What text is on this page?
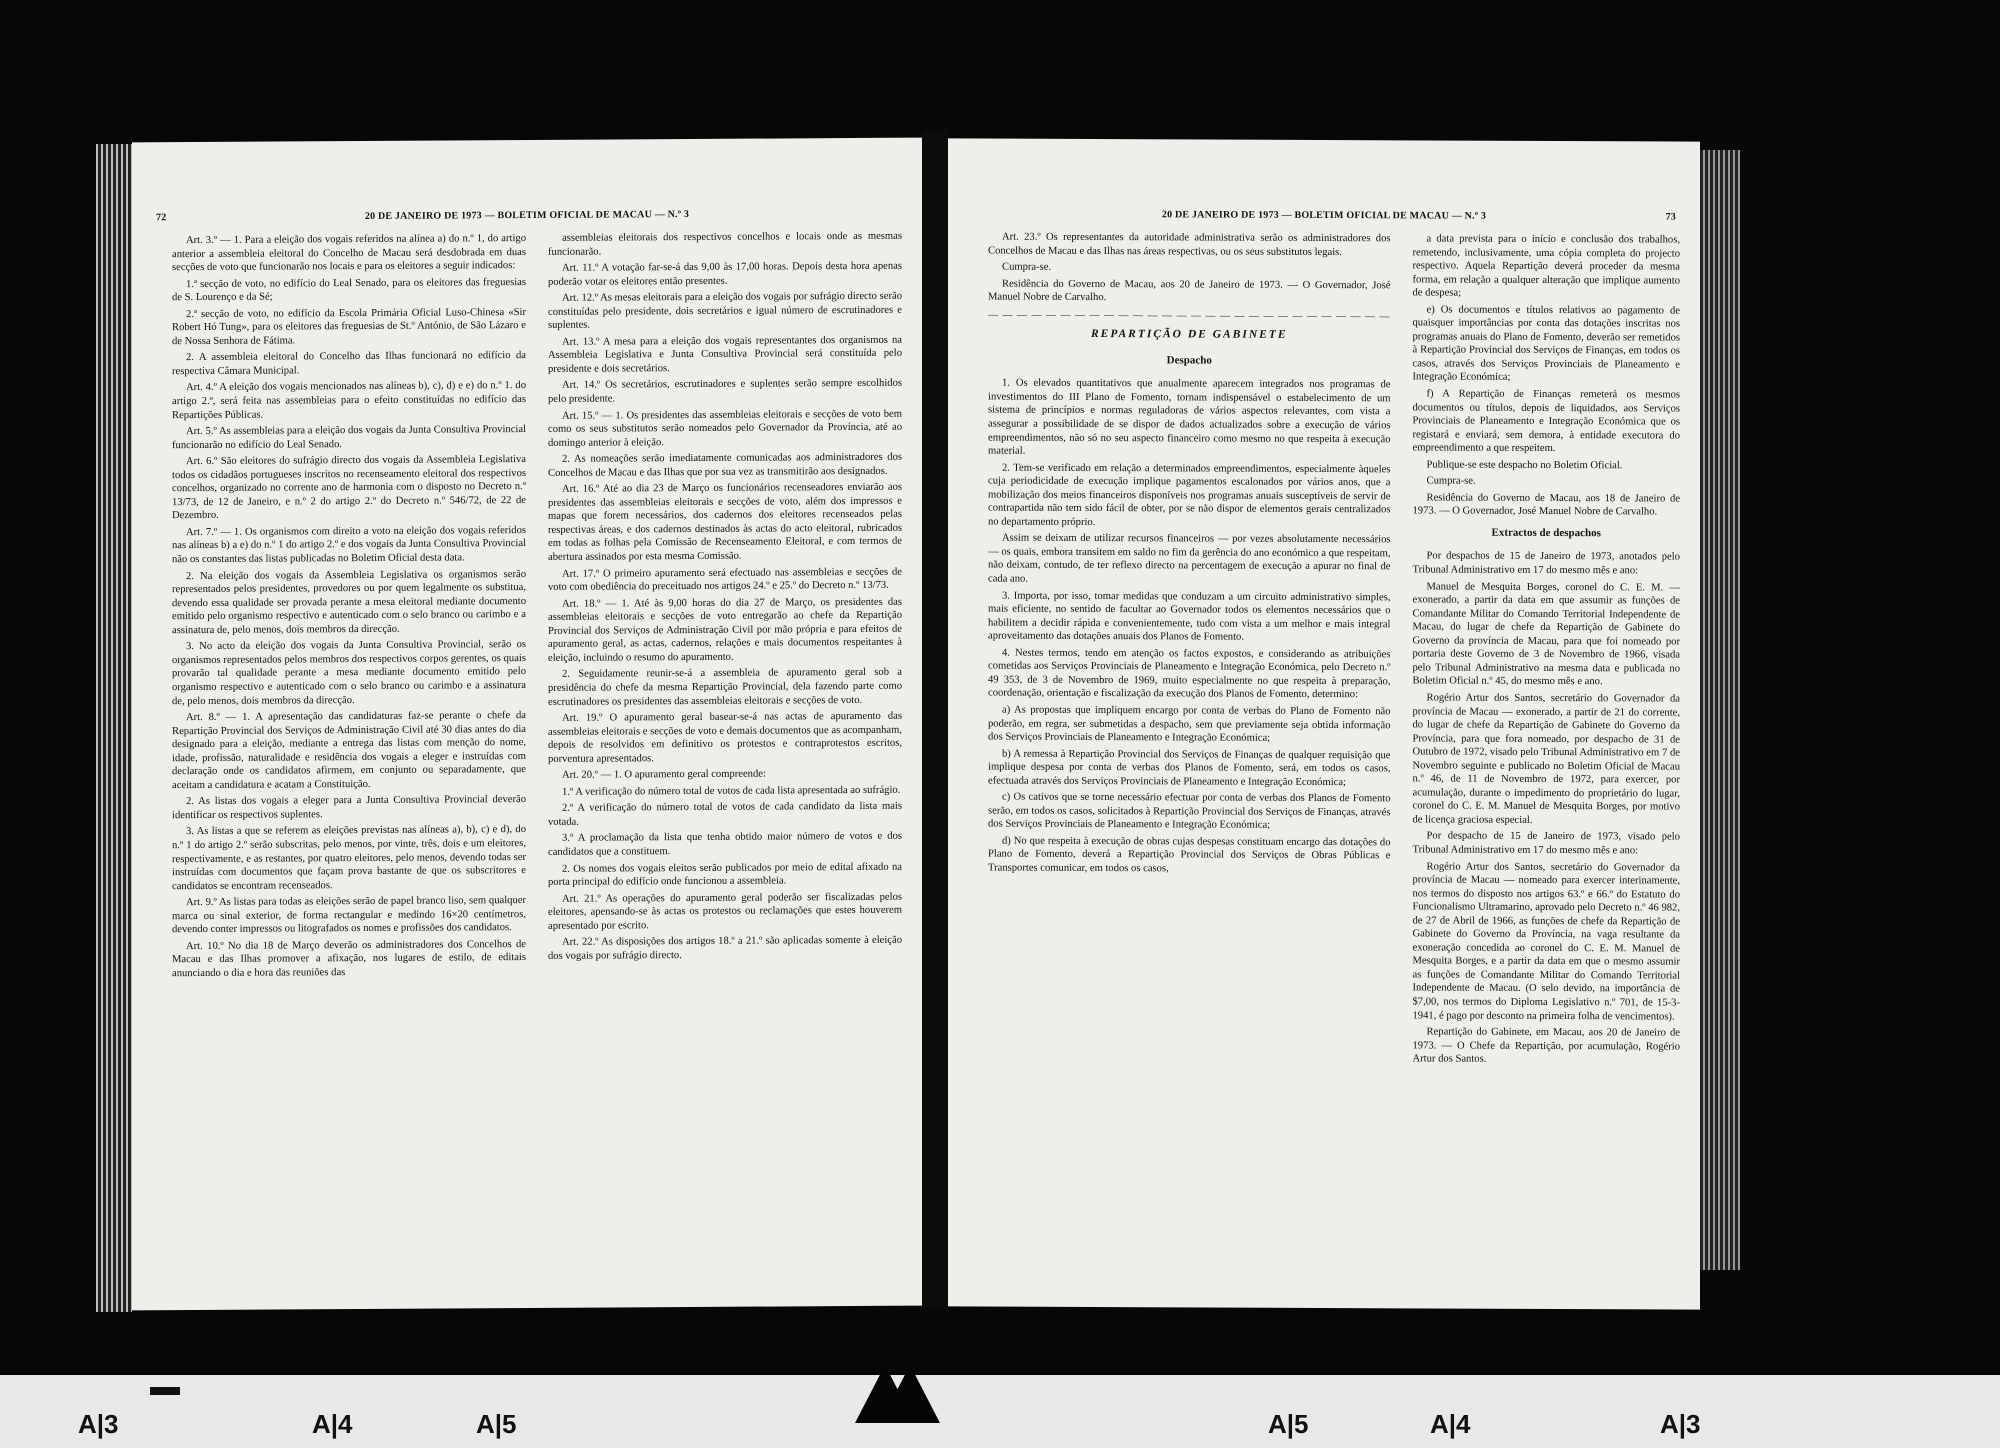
72	20 DE JANEIRO DE 1973 — BOLETIM OFICIAL DE MACAU — N.º 3

Art. 3.º — 1. Para a eleição dos vogais referidos na alínea a) do n.º 1, do artigo anterior a assembleia eleitoral do Concelho de Macau será desdobrada em duas secções de voto que funcionarão nos locais e para os eleitores a seguir indicados:

1.ª secção de voto, no edifício do Leal Senado, para os eleitores das freguesias de S. Lourenço e da Sé;

2.ª secção de voto, no edifício da Escola Primária Oficial Luso-Chinesa «Sir Robert Hó Tung», para os eleitores das freguesias de St.º António, de São Lázaro e de Nossa Senhora de Fátima.

2. A assembleia eleitoral do Concelho das Ilhas funcionará no edifício da respectiva Câmara Municipal.

Art. 4.º A eleição dos vogais mencionados nas alíneas b), c), d) e e) do n.º 1. do artigo 2.º, será feita nas assembleias para o efeito constituídas no edifício das Repartições Públicas.

Art. 5.º As assembleias para a eleição dos vogais da Junta Consultiva Provincial funcionarão no edifício do Leal Senado.

Art. 6.º São eleitores do sufrágio directo dos vogais da Assembleia Legislativa todos os cidadãos portugueses inscritos no recenseamento eleitoral dos respectivos concelhos, organizado no corrente ano de harmonia com o disposto no Decreto n.º 13/73, de 12 de Janeiro, e n.º 2 do artigo 2.º do Decreto n.º 546/72, de 22 de Dezembro.

Art. 7.º — 1. Os organismos com direito a voto na eleição dos vogais referidos nas alíneas b) a e) do n.º 1 do artigo 2.º e dos vogais da Junta Consultiva Provincial não os constantes das listas publicadas no Boletim Oficial desta data.

2. Na eleição dos vogais da Assembleia Legislativa os organismos serão representados pelos presidentes, provedores ou por quem legalmente os substitua, devendo essa qualidade ser provada perante a mesa eleitoral mediante documento emitido pelo organismo respectivo e autenticado com o selo branco ou carimbo e a assinatura de, pelo menos, dois membros da direcção.

3. No acto da eleição dos vogais da Junta Consultiva Provincial, serão os organismos representados pelos membros dos respectivos corpos gerentes, os quais provarão tal qualidade perante a mesa mediante documento emitido pelo organismo respectivo e autenticado com o selo branco ou carimbo e a assinatura de, pelo menos, dois membros da direcção.

Art. 8.º — 1. A apresentação das candidaturas faz-se perante o chefe da Repartição Provincial dos Serviços de Administração Civil até 30 dias antes do dia designado para a eleição, mediante a entrega das listas com menção do nome, idade, profissão, naturalidade e residência dos vogais a eleger e instruídas com declaração onde os candidatos afirmem, em conjunto ou separadamente, que aceitam a candidatura e acatam a Constituição.

2. As listas dos vogais a eleger para a Junta Consultiva Provincial deverão identificar os respectivos suplentes.

3. As listas a que se referem as eleições previstas nas alíneas a), b), c) e d), do n.º 1 do artigo 2.º serão subscritas, pelo menos, por vinte, três, dois e um eleitores, respectivamente, e as restantes, por quatro eleitores, pelo menos, devendo todas ser instruídas com documentos que façam prova bastante de que os subscritores e candidatos se encontram recenseados.

Art. 9.º As listas para todas as eleições serão de papel branco liso, sem qualquer marca ou sinal exterior, de forma rectangular e medindo 16×20 centímetros, devendo conter impressos ou litografados os nomes e profissões dos candidatos.

Art. 10.º No dia 18 de Março deverão os administradores dos Concelhos de Macau e das Ilhas promover a afixação, nos lugares de estilo, de editais anunciando o dia e hora das reuniões das

assembleias eleitorais dos respectivos concelhos e locais onde as mesmas funcionarão.

Art. 11.º A votação far-se-á das 9,00 às 17,00 horas. Depois desta hora apenas poderão votar os eleitores então presentes.

Art. 12.º As mesas eleitorais para a eleição dos vogais por sufrágio directo serão constituídas pelo presidente, dois secretários e igual número de escrutinadores e suplentes.

Art. 13.º A mesa para a eleição dos vogais representantes dos organismos na Assembleia Legislativa e Junta Consultiva Provincial será constituída pelo presidente e dois secretários.

Art. 14.º Os secretários, escrutinadores e suplentes serão sempre escolhidos pelo presidente.

Art. 15.º — 1. Os presidentes das assembleias eleitorais e secções de voto bem como os seus substitutos serão nomeados pelo Governador da Província, até ao domingo anterior à eleição.

2. As nomeações serão imediatamente comunicadas aos administradores dos Concelhos de Macau e das Ilhas que por sua vez as transmitirão aos designados.

Art. 16.º Até ao dia 23 de Março os funcionários recenseadores enviarão aos presidentes das assembleias eleitorais e secções de voto, além dos impressos e mapas que forem necessários, dos cadernos dos eleitores recenseados pelas respectivas áreas, e dos cadernos destinados às actas do acto eleitoral, rubricados em todas as folhas pela Comissão de Recenseamento Eleitoral, e com termos de abertura assinados por esta mesma Comissão.

Art. 17.º O primeiro apuramento será efectuado nas assembleias e secções de voto com obediência do preceituado nos artigos 24.º e 25.º do Decreto n.º 13/73.

Art. 18.º — 1. Até às 9,00 horas do dia 27 de Março, os presidentes das assembleias eleitorais e secções de voto entregarão ao chefe da Repartição Provincial dos Serviços de Administração Civil por mão própria e para efeitos de apuramento geral, as actas, cadernos, relações e mais documentos respeitantes à eleição, incluindo o resumo do apuramento.

2. Seguidamente reunir-se-á a assembleia de apuramento geral sob a presidência do chefe da mesma Repartição Provincial, dela fazendo parte como escrutinadores os presidentes das assembleias eleitorais e secções de voto.

Art. 19.º O apuramento geral basear-se-á nas actas de apuramento das assembleias eleitorais e secções de voto e demais documentos que as acompanham, depois de resolvidos em definitivo os protestos e contraprotestos escritos, porventura apresentados.

Art. 20.º — 1. O apuramento geral compreende:

1.º A verificação do número total de votos de cada lista apresentada ao sufrágio.

2.º A verificação do número total de votos de cada candidato da lista mais votada.

3.º A proclamação da lista que tenha obtido maior número de votos e dos candidatos que a constituem.

2. Os nomes dos vogais eleitos serão publicados por meio de edital afixado na porta principal do edifício onde funcionou a assembleia.

Art. 21.º As operações do apuramento geral poderão ser fiscalizadas pelos eleitores, apensando-se às actas os protestos ou reclamações que estes houverem apresentado por escrito.

Art. 22.º As disposições dos artigos 18.º a 21.º são aplicadas somente à eleição dos vogais por sufrágio directo.

20 DE JANEIRO DE 1973 — BOLETIM OFICIAL DE MACAU — N.º 3	73

Art. 23.º Os representantes da autoridade administrativa serão os administradores dos Concelhos de Macau e das Ilhas nas áreas respectivas, ou os seus substitutos legais.

Cumpra-se.

Residência do Governo de Macau, aos 20 de Janeiro de 1973. — O Governador, José Manuel Nobre de Carvalho.

— — — — — — — — — — — — — — — — — — — — — — — — — — — —
REPARTIÇÃO DE GABINETE
Despacho

1. Os elevados quantitativos que anualmente aparecem integrados nos programas de investimentos do III Plano de Fomento, tornam indispensável o estabelecimento de um sistema de princípios e normas reguladoras de vários aspectos relevantes, com vista a assegurar a possibilidade de se dispor de dados actualizados sobre a execução de vários empreendimentos, não só no seu aspecto financeiro como mesmo no que respeita à execução material.

2. Tem-se verificado em relação a determinados empreendimentos, especialmente àqueles cuja periodicidade de execução implique pagamentos escalonados por vários anos, que a mobilização dos meios financeiros disponíveis nos programas anuais susceptíveis de servir de contrapartida não tem sido fácil de obter, por se não dispor de elementos gerais centralizados no departamento próprio.

Assim se deixam de utilizar recursos financeiros — por vezes absolutamente necessários — os quais, embora transitem em saldo no fim da gerência do ano económico a que respeitam, não deixam, contudo, de ter reflexo directo na percentagem de execução a apurar no final de cada ano.

3. Importa, por isso, tomar medidas que conduzam a um circuito administrativo simples, mais eficiente, no sentido de facultar ao Governador todos os elementos necessários que o habilitem a decidir rápida e convenientemente, tudo com vista a um melhor e mais integral aproveitamento das dotações anuais dos Planos de Fomento.

4. Nestes termos, tendo em atenção os factos expostos, e considerando as atribuições cometidas aos Serviços Provinciais de Planeamento e Integração Económica, pelo Decreto n.º 49 353, de 3 de Novembro de 1969, muito especialmente no que respeita à preparação, coordenação, orientação e fiscalização da execução dos Planos de Fomento, determino:

a) As propostas que impliquem encargo por conta de verbas do Plano de Fomento não poderão, em regra, ser submetidas a despacho, sem que previamente seja obtida informação dos Serviços Provinciais de Planeamento e Integração Económica;

b) A remessa à Repartição Provincial dos Serviços de Finanças de qualquer requisição que implique despesa por conta de verbas dos Planos de Fomento, será, em todos os casos, efectuada através dos Serviços Provinciais de Planeamento e Integração Económica;

c) Os cativos que se torne necessário efectuar por conta de verbas dos Planos de Fomento serão, em todos os casos, solicitados à Repartição Provincial dos Serviços de Finanças, através dos Serviços Provinciais de Planeamento e Integração Económica;

d) No que respeita à execução de obras cujas despesas constituam encargo das dotações do Plano de Fomento, deverá a Repartição Provincial dos Serviços de Obras Públicas e Transportes comunicar, em todos os casos,

a data prevista para o início e conclusão dos trabalhos, remetendo, inclusivamente, uma cópia completa do projecto respectivo. Aquela Repartição deverá proceder da mesma forma, em relação a qualquer alteração que implique aumento de despesa;

e) Os documentos e títulos relativos ao pagamento de quaisquer importâncias por conta das dotações inscritas nos programas anuais do Plano de Fomento, deverão ser remetidos à Repartição Provincial dos Serviços de Finanças, em todos os casos, através dos Serviços Provinciais de Planeamento e Integração Económica;

f) A Repartição de Finanças remeterá os mesmos documentos ou títulos, depois de liquidados, aos Serviços Provinciais de Planeamento e Integração Económica que os registará e enviará, sem demora, à entidade executora do empreendimento a que respeitem.

Publique-se este despacho no Boletim Oficial.

Cumpra-se.

Residência do Governo de Macau, aos 18 de Janeiro de 1973. — O Governador, José Manuel Nobre de Carvalho.

Extractos de despachos

Por despachos de 15 de Janeiro de 1973, anotados pelo Tribunal Administrativo em 17 do mesmo mês e ano:

Manuel de Mesquita Borges, coronel do C. E. M. — exonerado, a partir da data em que assumir as funções de Comandante Militar do Comando Territorial Independente de Macau, do lugar de chefe da Repartição de Gabinete do Governo da província de Macau, para que foi nomeado por portaria deste Governo de 3 de Novembro de 1966, visada pelo Tribunal Administrativo na mesma data e publicada no Boletim Oficial n.º 45, do mesmo mês e ano.

Rogério Artur dos Santos, secretário do Governador da província de Macau — exonerado, a partir de 21 do corrente, do lugar de chefe da Repartição de Gabinete do Governo da Província, para que fora nomeado, por despacho de 31 de Outubro de 1972, visado pelo Tribunal Administrativo em 7 de Novembro seguinte e publicado no Boletim Oficial de Macau n.º 46, de 11 de Novembro de 1972, para exercer, por acumulação, durante o impedimento do proprietário do lugar, coronel do C. E. M. Manuel de Mesquita Borges, por motivo de licença graciosa especial.

Por despacho de 15 de Janeiro de 1973, visado pelo Tribunal Administrativo em 17 do mesmo mês e ano:

Rogério Artur dos Santos, secretário do Governador da província de Macau — nomeado para exercer interinamente, nos termos do disposto nos artigos 63.º e 66.º do Estatuto do Funcionalismo Ultramarino, aprovado pelo Decreto n.º 46 982, de 27 de Abril de 1966, as funções de chefe da Repartição de Gabinete do Governo da Província, na vaga resultante da exoneração concedida ao coronel do C. E. M. Manuel de Mesquita Borges, e a partir da data em que o mesmo assumir as funções de Comandante Militar do Comando Territorial Independente de Macau. (O selo devido, na importância de $7,00, nos termos do Diploma Legislativo n.º 701, de 15-3-1941, é pago por desconto na primeira folha de vencimentos).

Repartição do Gabinete, em Macau, aos 20 de Janeiro de 1973. — O Chefe da Repartição, por acumulação, Rogério Artur dos Santos.

A|3	A|4	A|5	A|5	A|4	A|3
